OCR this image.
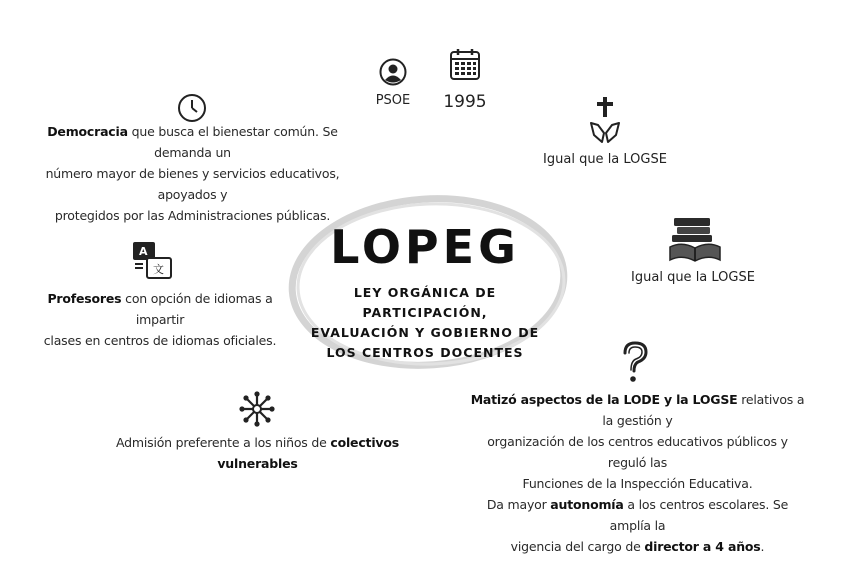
LOPEG
LEY ORGÁNICA DE PARTICIPACIÓN,
EVALUACIÓN Y GOBIERNO DE
LOS CENTROS DOCENTES
PSOE	1995
Democracia que busca el bienestar común. Se demanda un
número mayor de bienes y servicios educativos, apoyados y
protegidos por las Administraciones públicas.
Igual que la LOGSE
Igual que la LOGSE
A
文
Profesores con opción de idiomas a impartir
clases en centros de idiomas oficiales.
Admisión preferente a los niños de colectivos vulnerables
Matizó aspectos de la LODE y la LOGSE relativos a la gestión y
organización de los centros educativos públicos y reguló las
Funciones de la Inspección Educativa.
Da mayor autonomía a los centros escolares. Se amplía la
vigencia del cargo de director a 4 años.
